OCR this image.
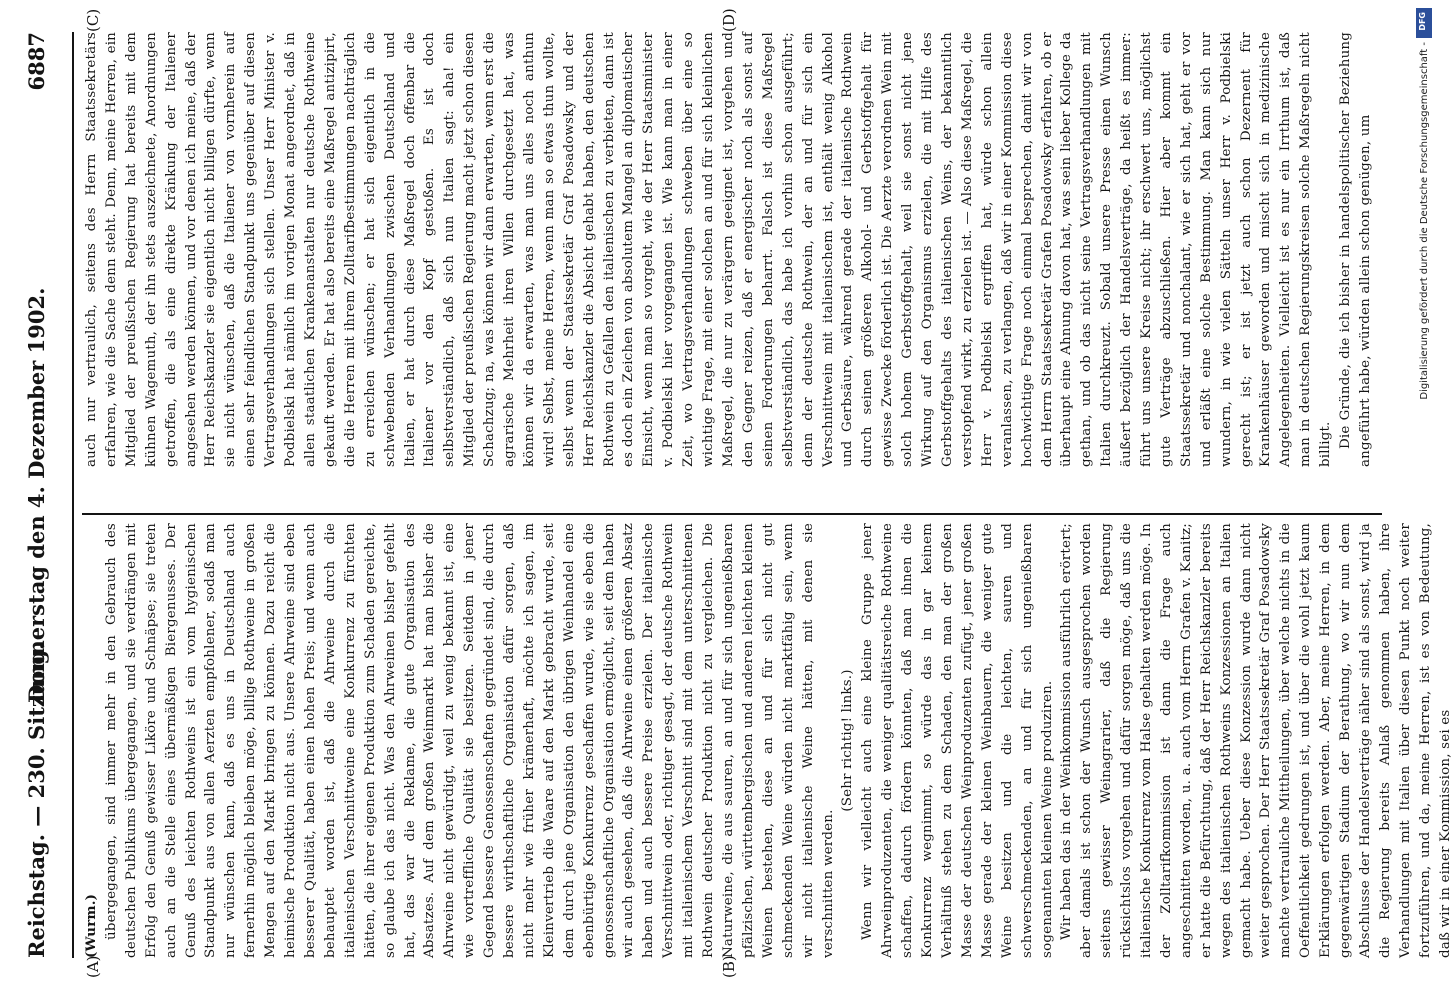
Reichstag. — 230. Sitzung.
Donnerstag den 4. Dezember 1902.
6887

(Wurm.) übergegangen, sind immer mehr in den Gebrauch des deutschen Publikums übergegangen, und sie verdrängen mit Erfolg den Genuß gewisser Liköre und Schnäpse; sie treten auch an die Stelle eines übermäßigen Biergenusses. Der Genuß des leichten Rothweins ist ein vom hygienischen Standpunkt aus von allen Aerzten empfohlener, sodaß man nur wünschen kann, daß es uns in Deutschland auch fernerhin möglich bleiben möge, billige Rothweine in großen Mengen auf den Markt bringen zu können. Dazu reicht die heimische Produktion nicht aus. Unsere Ahrweine sind eben besserer Qualität, haben einen hohen Preis; und wenn auch behauptet worden ist, daß die Ahrweine durch die italienischen Verschnittweine eine Konkurrenz zu fürchten hätten, die ihrer eigenen Produktion zum Schaden gereichte, so glaube ich das nicht. Was den Ahrweinen bisher gefehlt hat, das war die Reklame, die gute Organisation des Absatzes. Auf dem großen Weinmarkt hat man bisher die Ahrweine nicht gewürdigt, weil zu wenig bekannt ist, eine wie vortreffliche Qualität sie besitzen. Seitdem in jener Gegend bessere Genossenschaften gegründet sind, die durch bessere wirthschaftliche Organisation dafür sorgen, daß nicht mehr wie früher krämerhaft, möchte ich sagen, im Kleinvertrieb die Waare auf den Markt gebracht wurde, seit dem durch jene Organisation den übrigen Weinhandel eine ebenbürtige Konkurrenz geschaffen wurde, wie sie eben die genossenschaftliche Organisation ermöglicht, seit dem haben wir auch gesehen, daß die Ahrweine einen größeren Absatz haben und auch bessere Preise erzielen. Der italienische Verschnittwein oder, richtiger gesagt, der deutsche Rothwein mit italienischem Verschnitt sind mit dem unterschnittenen Rothwein deutscher Produktion nicht zu vergleichen. Die Naturweine, die aus sauren, an und für sich ungenießbaren pfälzischen, württembergischen und anderen leichten kleinen Weinen bestehen, diese an und für sich nicht gut schmeckenden Weine würden nicht marktfähig sein, wenn wir nicht italienische Weine hätten, mit denen sie verschnitten werden.

(Sehr richtig! links.) Wenn wir vielleicht auch eine kleine Gruppe jener Ahrweinproduzenten, die weniger qualitätsreiche Rothweine schaffen, dadurch fördern könnten, daß man ihnen die Konkurrenz wegnimmt, so würde das in gar keinem Verhältniß stehen zu dem Schaden, den man der großen Masse der deutschen Weinproduzenten zufügt, jener großen Masse gerade der kleinen Weinbauern, die weniger gute Weine besitzen und die leichten, sauren und schwerschmeckenden, an und für sich ungenießbaren sogenannten kleinen Weine produziren. Wir haben das in der Weinkommission ausführlich erörtert; aber damals ist schon der Wunsch ausgesprochen worden seitens gewisser Weinagrarier, daß die Regierung rücksichtslos vorgehen und dafür sorgen möge, daß uns die italienische Konkurrenz vom Halse gehalten werden möge. In der Zolltarifkommission ist dann die Frage auch angeschnitten worden, u. a. auch vom Herrn Grafen v. Kanitz; er hatte die Befürchtung, daß der Herr Reichskanzler bereits wegen des italienischen Rothweins Konzessionen an Italien gemacht habe. Ueber diese Konzession wurde dann nicht weiter gesprochen. Der Herr Staatssekretär Graf Posadowsky machte vertrauliche Mittheilungen, über welche nichts in die Oeffentlichkeit gedrungen ist, und über die wohl jetzt kaum Erklärungen erfolgen werden. Aber, meine Herren, in dem gegenwärtigen Stadium der Berathung, wo wir nun dem Abschlusse der Handelsverträge näher sind als sonst, wird ja die Regierung bereits Anlaß genommen haben, ihre Verhandlungen mit Italien über diesen Punkt noch weiter fortzuführen, und da, meine Herren, ist es von Bedeutung, daß wir in einer Kommission, sei es

auch nur vertraulich, seitens des Herrn Staatssekretärs erfahren, wie die Sache denn steht. Denn, meine Herren, ein Mitglied der preußischen Regierung hat bereits mit dem kühnen Wagemuth, der ihn stets auszeichnete, Anordnungen getroffen, die als eine direkte Kränkung der Italiener angesehen werden können, und vor denen ich meine, daß der Herr Reichskanzler sie eigentlich nicht billigen dürfte, wenn sie nicht wünschen, daß die Italiener von vornherein auf einen sehr feindlichen Standpunkt uns gegenüber auf diesen Vertragsverhandlungen sich stellen. Unser Herr Minister v. Podbielski hat nämlich im vorigen Monat angeordnet, daß in allen staatlichen Krankenanstalten nur deutsche Rothweine gekauft werden. Er hat also bereits eine Maßregel antizipirt, die die Herren mit ihrem Zolltarifbestimmungen nachträglich zu erreichen wünschen; er hat sich eigentlich in die schwebenden Verhandlungen zwischen Deutschland und Italien, er hat durch diese Maßregel doch offenbar die Italiener vor den Kopf gestoßen. Es ist doch selbstverständlich, daß sich nun Italien sagt: aha! ein Mitglied der preußischen Regierung macht jetzt schon diesen Schachzug; na, was können wir dann erwarten, wenn erst die agrarische Mehrheit ihren Willen durchgesetzt hat, was können wir da erwarten, was man uns alles noch anthun wird! Selbst, meine Herren, wenn man so etwas thun wollte, selbst wenn der Staatssekretär Graf Posadowsky und der Herr Reichskanzler die Absicht gehabt haben, den deutschen Rothwein zu Gefallen den italienischen zu verbieten, dann ist es doch ein Zeichen von absolutem Mangel an diplomatischer Einsicht, wenn man so vorgeht, wie der Herr Staatsminister v. Podbielski hier vorgegangen ist. Wie kann man in einer Zeit, wo Vertragsverhandlungen schweben über eine so wichtige Frage, mit einer solchen an und für sich kleinlichen Maßregel, die nur zu verärgern geeignet ist, vorgehen und den Gegner reizen, daß er energischer noch als sonst auf seinen Forderungen beharrt. Falsch ist diese Maßregel selbstverständlich, das habe ich vorhin schon ausgeführt; denn der deutsche Rothwein, der an und für sich ein Verschnittwein mit italienischem ist, enthält wenig Alkohol und Gerbsäure, während gerade der italienische Rothwein durch seinen größeren Alkohol- und Gerbstoffgehalt für gewisse Zwecke förderlich ist. Die Aerzte verordnen Wein mit solch hohem Gerbstoffgehalt, weil sie sonst nicht jene Wirkung auf den Organismus erzielen, die mit Hilfe des Gerbstoffgehalts des italienischen Weins, der bekanntlich verstopfend wirkt, zu erzielen ist. — Also diese Maßregel, die Herr v. Podbielski ergriffen hat, würde schon allein veranlassen, zu verlangen, daß wir in einer Kommission diese hochwichtige Frage noch einmal besprechen, damit wir von dem Herrn Staatssekretär Grafen Posadowsky erfahren, ob er überhaupt eine Ahnung davon hat, was sein lieber Kollege da gethan, und ob das nicht seine Vertragsverhandlungen mit Italien durchkreuzt. Sobald unsere Presse einen Wunsch äußert bezüglich der Handelsverträge, da heißt es immer: führt uns unsere Kreise nicht; ihr erschwert uns, möglichst gute Verträge abzuschließen. Hier aber kommt ein Staatssekretär und nonchalant, wie er sich hat, geht er vor und erläßt eine solche Bestimmung. Man kann sich nur wundern, in wie vielen Sätteln unser Herr v. Podbielski gerecht ist; er ist jetzt auch schon Dezernent für Krankenhäuser geworden und mischt sich in medizinische Angelegenheiten. Vielleicht ist es nur ein Irrthum ist, daß man in deutschen Regierungskreisen solche Maßregeln nicht billigt. Die Gründe, die ich bisher in handelspolitischer Beziehung angeführt habe, würden allein schon genügen, um

(A)	(B)
(C)	(D)	DFG
Digitalisierung gefördert durch die Deutsche Forschungsgemeinschaft -
